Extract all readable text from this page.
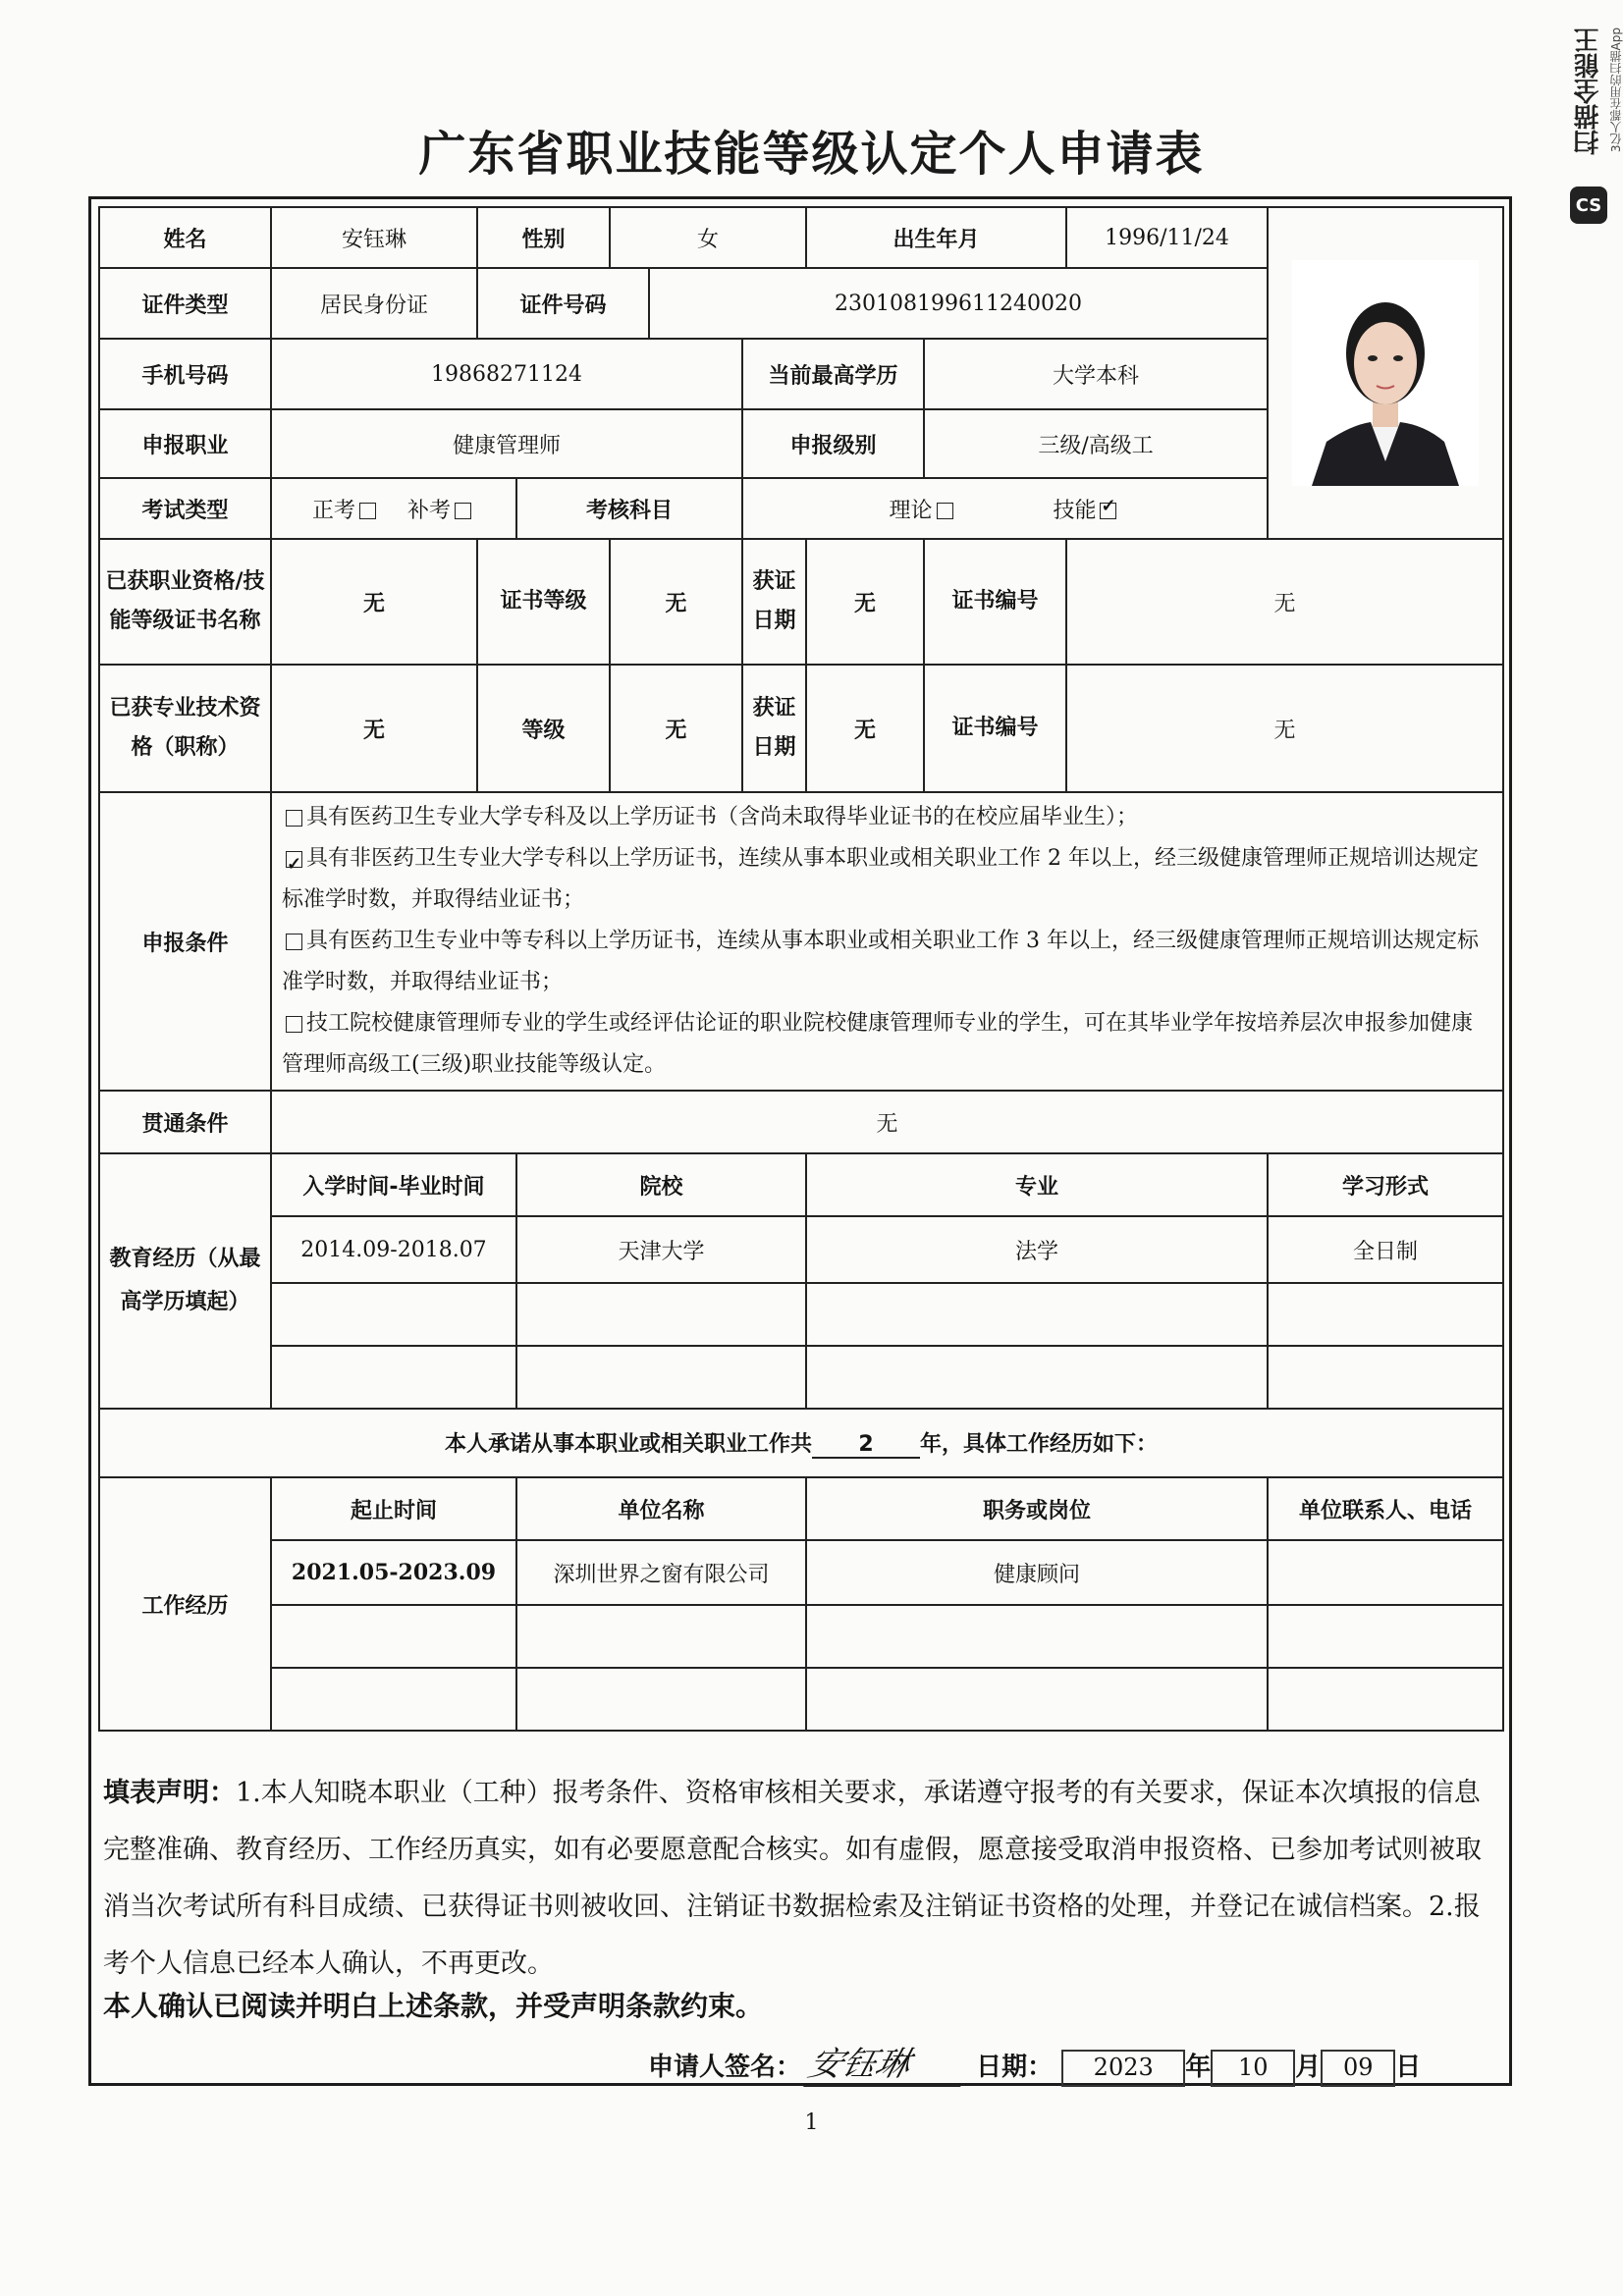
广东省职业技能等级认定个人申请表	扫描全能王 3亿人都在用的扫描App
CS
姓名	安钰琳	性别		女			出生年月		1996/11/24	

证件类型	居民身份证	证件号码			230108199611240020					
手机号码	19868271124					当前最高学历		大学本科		
申报职业	健康管理师					申报级别		三级/高级工		
考试类型	正考 补考		考核科目			理论 技能✓
已获职业资格/技能等级证书名称	无	证书等级		无		获证日期	无	证书编号	无	
已获专业技术资格（职称）	无	等级		无		获证日期	无	证书编号	无	
申报条件	具有医药卫生专业大学专科及以上学历证书（含尚未取得毕业证书的在校应届毕业生）；
✓具有非医药卫生专业大学专科以上学历证书，连续从事本职业或相关职业工作 2 年以上，经三级健康管理师正规培训达规定标准学时数，并取得结业证书；
具有医药卫生专业中等专科以上学历证书，连续从事本职业或相关职业工作 3 年以上，经三级健康管理师正规培训达规定标准学时数，并取得结业证书；
技工院校健康管理师专业的学生或经评估论证的职业院校健康管理师专业的学生，可在其毕业学年按培养层次申报参加健康管理师高级工(三级)职业技能等级认定。

贯通条件	无									
教育经历（从最高学历填起）	入学时间-毕业时间		院校				专业			学习形式
	2014.09-2018.07		天津大学				法学			全日制

本人承诺从事本职业或相关职业工作共 2 年，具体工作经历如下：										
工作经历	起止时间		单位名称				职务或岗位			单位联系人、电话
	2021.05-2023.09		深圳世界之窗有限公司				健康顾问			

填表声明：1.本人知晓本职业（工种）报考条件、资格审核相关要求，承诺遵守报考的有关要求，保证本次填报的信息完整准确、教育经历、工作经历真实，如有必要愿意配合核实。如有虚假，愿意接受取消申报资格、已参加考试则被取消当次考试所有科目成绩、已获得证书则被收回、注销证书数据检索及注销证书资格的处理，并登记在诚信档案。2.报考个人信息已经本人确认，不再更改。
本人确认已阅读并明白上述条款，并受声明条款约束。
申请人签名： 安钰琳 日期： 2023 年 10 月 09 日
1
